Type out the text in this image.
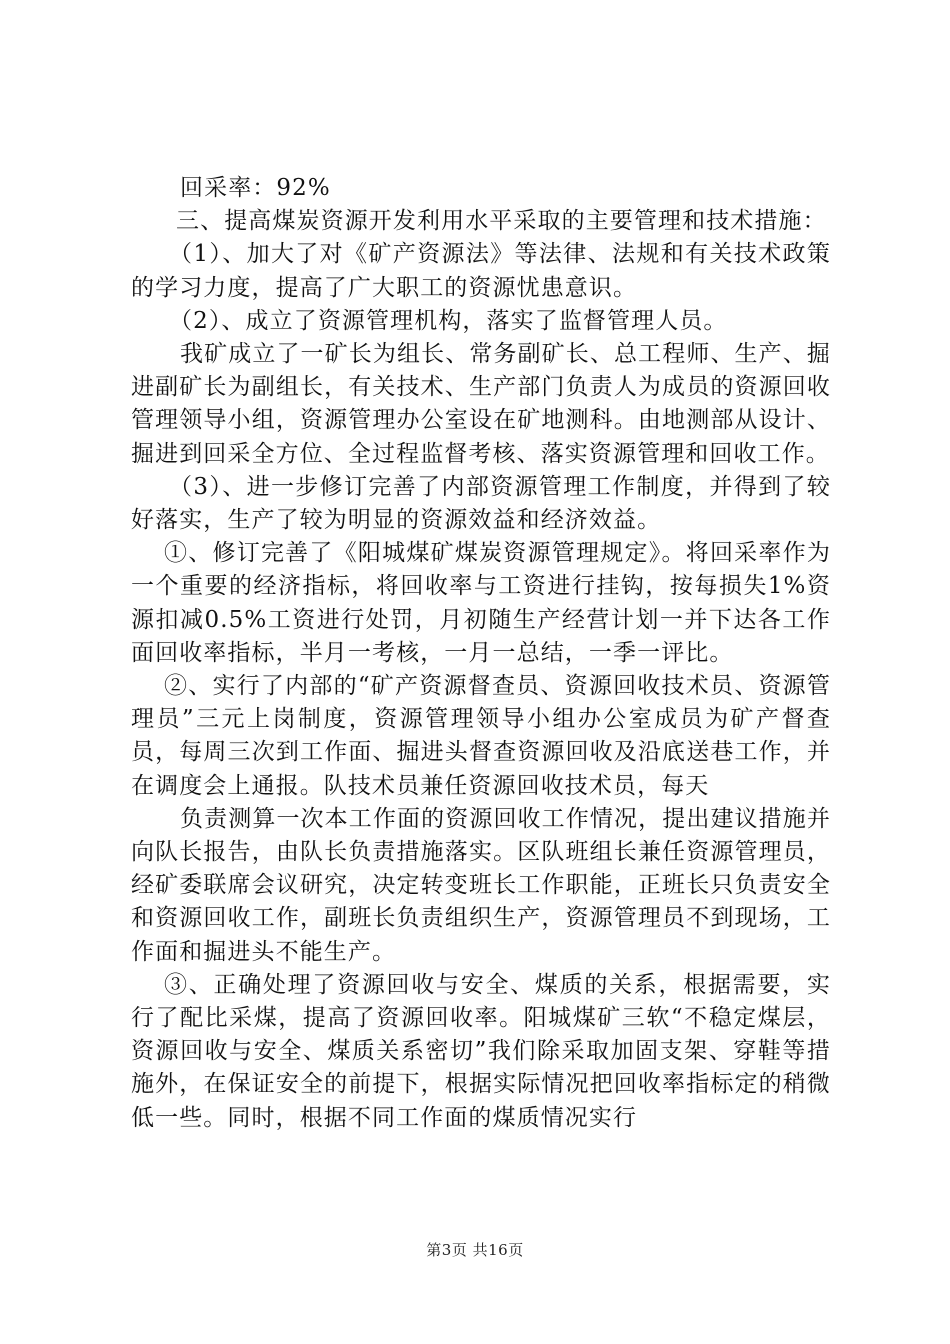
回采率：92%

三、提高煤炭资源开发利用水平采取的主要管理和技术措施：

（1）、加大了对《矿产资源法》等法律、法规和有关技术政策的学习力度，提高了广大职工的资源忧患意识。

（2）、成立了资源管理机构，落实了监督管理人员。

我矿成立了一矿长为组长、常务副矿长、总工程师、生产、掘进副矿长为副组长，有关技术、生产部门负责人为成员的资源回收管理领导小组，资源管理办公室设在矿地测科。由地测部从设计、掘进到回采全方位、全过程监督考核、落实资源管理和回收工作。

（3）、进一步修订完善了内部资源管理工作制度，并得到了较好落实，生产了较为明显的资源效益和经济效益。

①、修订完善了《阳城煤矿煤炭资源管理规定》。将回采率作为一个重要的经济指标，将回收率与工资进行挂钩，按每损失1%资源扣减0.5%工资进行处罚，月初随生产经营计划一并下达各工作面回收率指标，半月一考核，一月一总结，一季一评比。

②、实行了内部的“矿产资源督查员、资源回收技术员、资源管理员”三元上岗制度，资源管理领导小组办公室成员为矿产督查员，每周三次到工作面、掘进头督查资源回收及沿底送巷工作，并在调度会上通报。队技术员兼任资源回收技术员，每天

负责测算一次本工作面的资源回收工作情况，提出建议措施并向队长报告，由队长负责措施落实。区队班组长兼任资源管理员，经矿委联席会议研究，决定转变班长工作职能，正班长只负责安全和资源回收工作，副班长负责组织生产，资源管理员不到现场，工作面和掘进头不能生产。

③、正确处理了资源回收与安全、煤质的关系，根据需要，实行了配比采煤，提高了资源回收率。阳城煤矿三软“不稳定煤层，资源回收与安全、煤质关系密切”我们除采取加固支架、穿鞋等措施外，在保证安全的前提下，根据实际情况把回收率指标定的稍微低一些。同时，根据不同工作面的煤质情况实行

第3页 共16页
